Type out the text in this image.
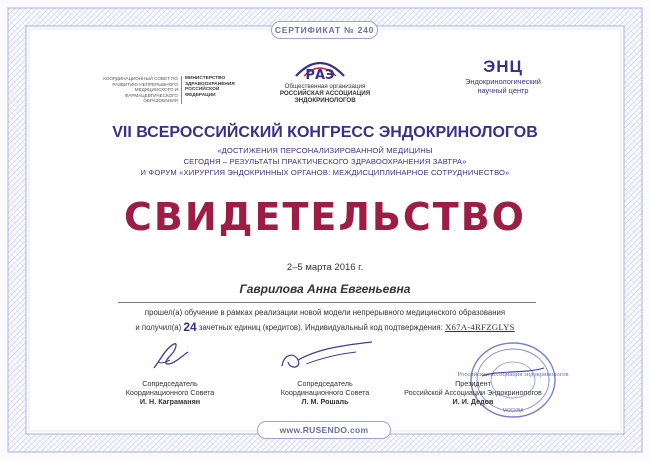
СЕРТИФИКАТ № 240
КООРДИНАЦИОННЫЙ СОВЕТ ПО РАЗВИТИЮ НЕПРЕРЫВНОГО МЕДИЦИНСКОГО И ФАРМАЦЕВТИЧЕСКОГО ОБРАЗОВАНИЯ
МИНИСТЕРСТВО ЗДРАВООХРАНЕНИЯ РОССИЙСКОЙ ФЕДЕРАЦИИ
РАЭ
Общественная организация
РОССИЙСКАЯ АССОЦИАЦИЯ
ЭНДОКРИНОЛОГОВ
ЭНЦ
Эндокринологический
научный центр
VII ВСЕРОССИЙСКИЙ КОНГРЕСС ЭНДОКРИНОЛОГОВ
«ДОСТИЖЕНИЯ ПЕРСОНАЛИЗИРОВАННОЙ МЕДИЦИНЫ
СЕГОДНЯ – РЕЗУЛЬТАТЫ ПРАКТИЧЕСКОГО ЗДРАВООХРАНЕНИЯ ЗАВТРА»
И ФОРУМ «ХИРУРГИЯ ЭНДОКРИННЫХ ОРГАНОВ: МЕЖДИСЦИПЛИНАРНОЕ СОТРУДНИЧЕСТВО»
СВИДЕТЕЛЬСТВО
2–5 марта 2016 г.
Гаврилова Анна Евгеньевна
прошел(а) обучение в рамках реализации новой модели непрерывного медицинского образования
и получил(а) 24 зачетных единиц (кредитов). Индивидуальный код подтверждения: X67A-4RFZGLYS
Сопредседатель
Координационного Совета
И. Н. Каграманян
Сопредседатель
Координационного Совета
Л. М. Рошаль
Российская ассоциация эндокринологов
МОСКВА
Президент
Российской Ассоциации Эндокринологов
И. И. Дедов
www.RUSENDO.com
